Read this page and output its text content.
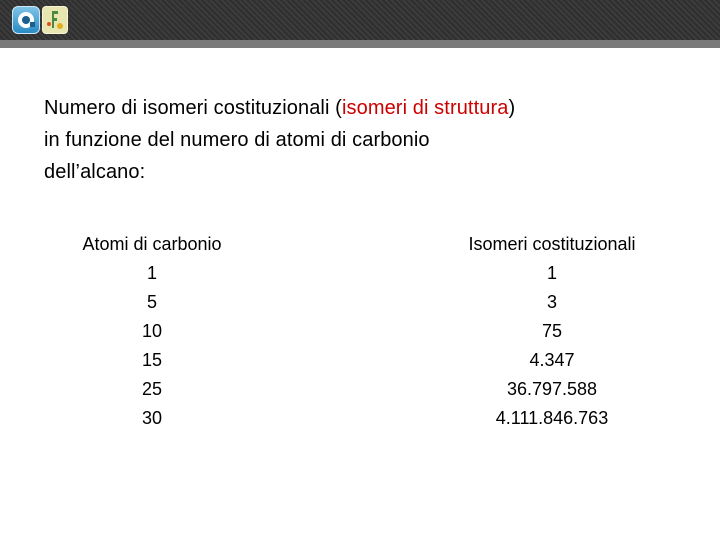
Numero di isomeri costituzionali (isomeri di struttura)
in funzione del numero di atomi di carbonio
dell’alcano:

Atomi di carbonio
1
5
10
15
25
30
Isomeri costituzionali
1
3
75
4.347
36.797.588
4.111.846.763
